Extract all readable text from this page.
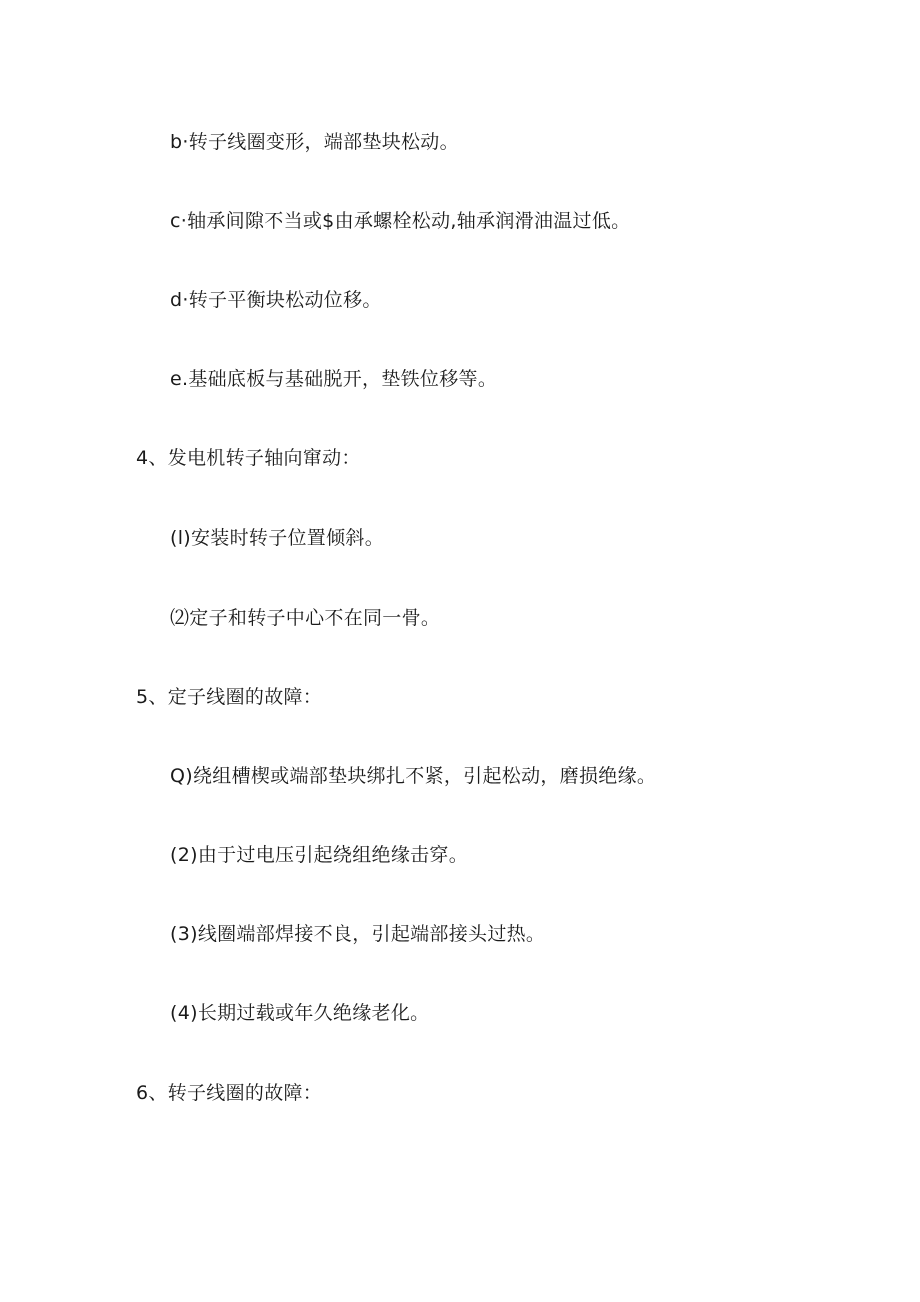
b·转子线圈变形，端部垫块松动。
c·轴承间隙不当或$由承螺栓松动,轴承润滑油温过低。
d·转子平衡块松动位移。
e.基础底板与基础脱开，垫铁位移等。
4、发电机转子轴向窜动：
(l)安装时转子位置倾斜。
⑵定子和转子中心不在同一骨。
5、定子线圈的故障：
Q)绕组槽楔或端部垫块绑扎不紧，引起松动，磨损绝缘。
(2)由于过电压引起绕组绝缘击穿。
(3)线圈端部焊接不良，引起端部接头过热。
(4)长期过载或年久绝缘老化。
6、转子线圈的故障：
